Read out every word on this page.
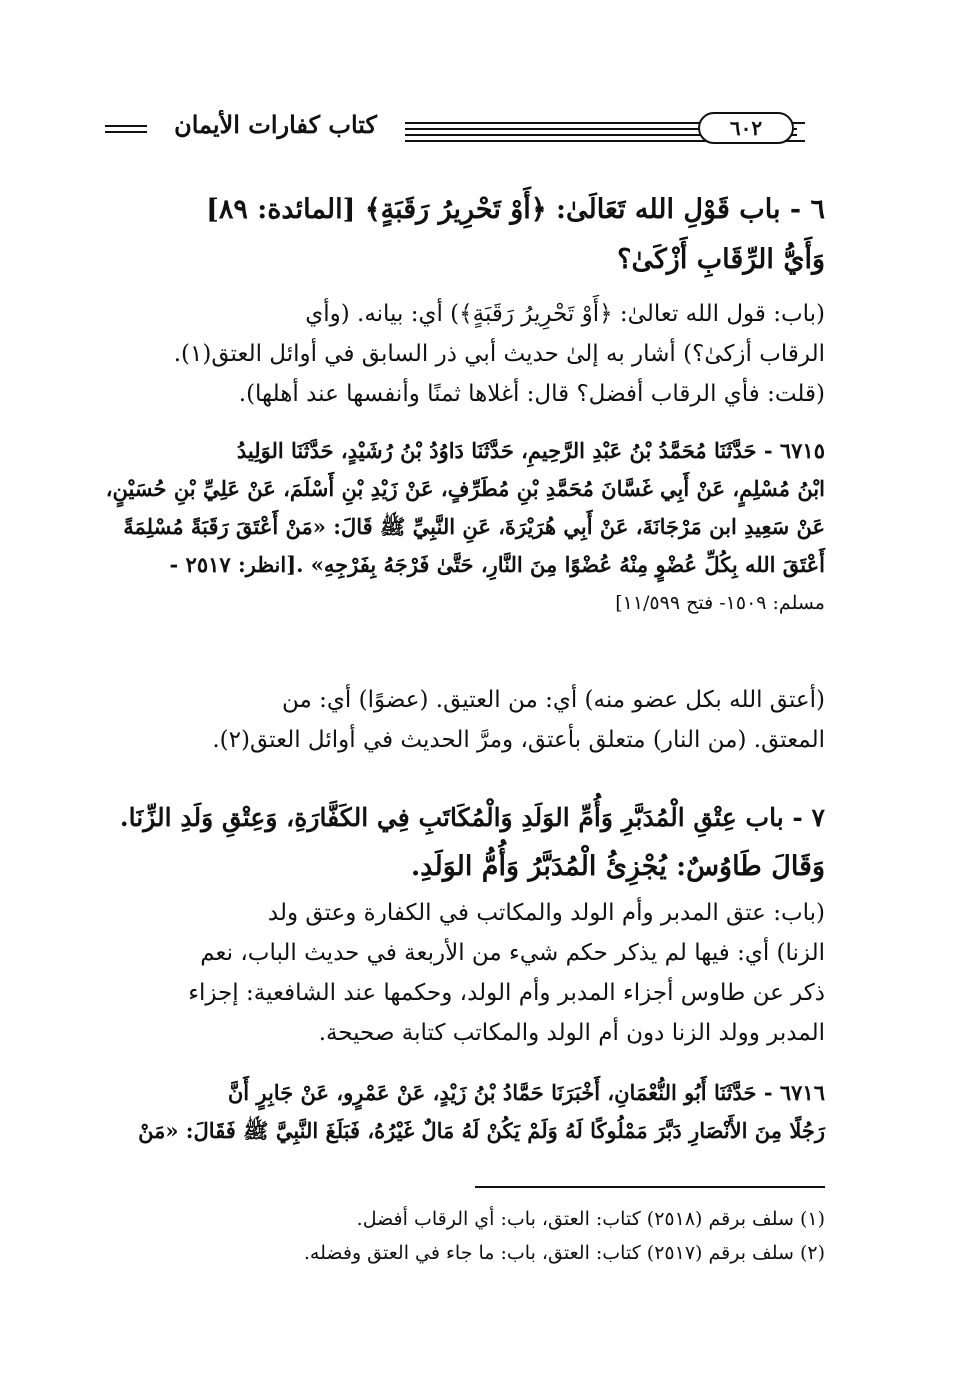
كتاب كفارات الأيمان	٦٠٢
٦ - باب قَوْلِ الله تَعَالَىٰ: ﴿أَوْ تَحْرِيرُ رَقَبَةٍ﴾ [المائدة: ٨٩]
وَأَيُّ الرِّقَابِ أَزْكَىٰ؟
(باب: قول الله تعالىٰ: ﴿أَوْ تَحْرِيرُ رَقَبَةٍ﴾) أي: بيانه. (وأي
الرقاب أزكىٰ؟) أشار به إلىٰ حديث أبي ذر السابق في أوائل العتق(١).
(قلت: فأي الرقاب أفضل؟ قال: أغلاها ثمنًا وأنفسها عند أهلها).
٦٧١٥ - حَدَّثَنَا مُحَمَّدُ بْنُ عَبْدِ الرَّحِيمِ، حَدَّثَنَا دَاوُدُ بْنُ رُشَيْدٍ، حَدَّثَنَا الوَلِيدُ
ابْنُ مُسْلِمٍ، عَنْ أَبِي غَسَّانَ مُحَمَّدِ بْنِ مُطَرِّفٍ، عَنْ زَيْدِ بْنِ أَسْلَمَ، عَنْ عَلِيِّ بْنِ حُسَيْنٍ،
عَنْ سَعِيدِ ابن مَرْجَانَةَ، عَنْ أَبِي هُرَيْرَةَ، عَنِ النَّبِيِّ ﷺ قَالَ: «مَنْ أَعْتَقَ رَقَبَةً مُسْلِمَةً
أَعْتَقَ الله بِكُلِّ عُضْوٍ مِنْهُ عُضْوًا مِنَ النَّارِ، حَتَّىٰ فَرْجَهُ بِفَرْجِهِ» .[انظر: ٢٥١٧ -
مسلم: ١٥٠٩- فتح ١١/٥٩٩]
(أعتق الله بكل عضو منه) أي: من العتيق. (عضوًا) أي: من
المعتق. (من النار) متعلق بأعتق، ومرَّ الحديث في أوائل العتق(٢).
٧ - باب عِتْقِ الْمُدَبَّرِ وَأُمِّ الوَلَدِ وَالْمُكَاتَبِ فِي الكَفَّارَةِ، وَعِتْقِ وَلَدِ الزِّنَا.
وَقَالَ طَاوُسٌ: يُجْزِئُ الْمُدَبَّرُ وَأُمُّ الوَلَدِ.
(باب: عتق المدبر وأم الولد والمكاتب في الكفارة وعتق ولد
الزنا) أي: فيها لم يذكر حكم شيء من الأربعة في حديث الباب، نعم
ذكر عن طاوس أجزاء المدبر وأم الولد، وحكمها عند الشافعية: إجزاء
المدبر وولد الزنا دون أم الولد والمكاتب كتابة صحيحة.
٦٧١٦ - حَدَّثَنَا أَبُو النُّعْمَانِ، أَخْبَرَنَا حَمَّادُ بْنُ زَيْدٍ، عَنْ عَمْرٍو، عَنْ جَابِرٍ أَنَّ
رَجُلًا مِنَ الأَنْصَارِ دَبَّرَ مَمْلُوكًا لَهُ وَلَمْ يَكُنْ لَهُ مَالٌ غَيْرُهُ، فَبَلَغَ النَّبِيَّ ﷺ فَقَالَ: «مَنْ
(١) سلف برقم (٢٥١٨) كتاب: العتق، باب: أي الرقاب أفضل.
(٢) سلف برقم (٢٥١٧) كتاب: العتق، باب: ما جاء في العتق وفضله.
